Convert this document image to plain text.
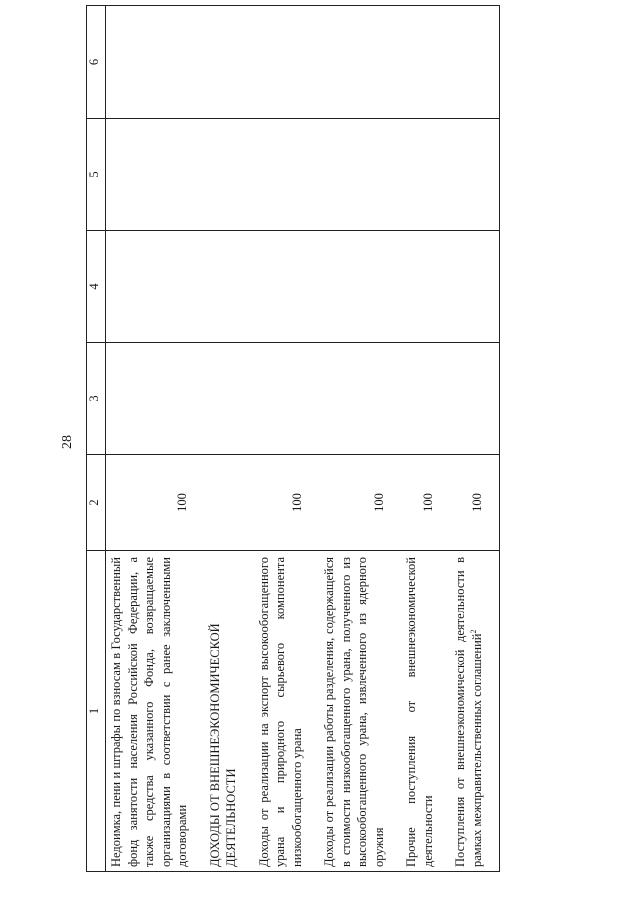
28
1	2	3	4	5	6
Недоимка, пени и штрафы по взносам в Государственный фонд занятости населения Российской Федерации, а также средства указанного Фонда, возвращаемые организациями в соответствии с ранее заключенными договорами	100				

ДОХОДЫ ОТ ВНЕШНЕЭКОНОМИЧЕСКОЙ ДЕЯТЕЛЬНОСТИ	

Доходы от реализации на экспорт высокообогащенного урана и природного сырьевого компонента низкообогащенного урана	100				

Доходы от реализации работы разделения, содержащейся в стоимости низкообогащенного урана, полученного из высокообогащенного урана, извлеченного из ядерного оружия	100				

Прочие поступления от внешнеэкономической деятельности	100				

Поступления от внешнеэкономической деятельности в рамках межправительственных соглашений$^2$	100				
